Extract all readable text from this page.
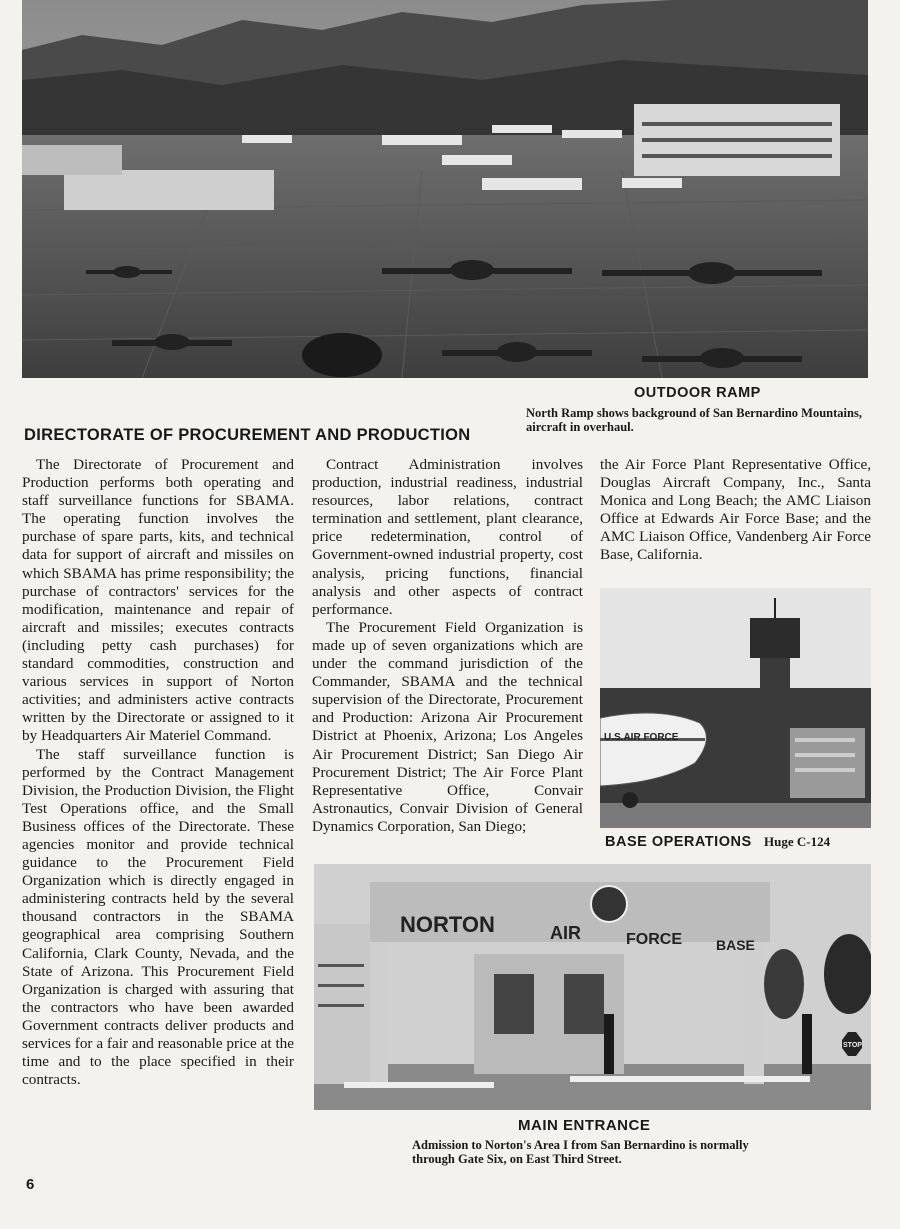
OUTDOOR RAMP
North Ramp shows background of San Bernardino Mountains, aircraft in overhaul.
DIRECTORATE OF PROCUREMENT AND PRODUCTION

The Directorate of Procurement and Production performs both operating and staff surveillance functions for SBAMA. The operating function involves the purchase of spare parts, kits, and technical data for support of aircraft and missiles on which SBAMA has prime responsibility; the purchase of contractors' services for the modification, maintenance and repair of aircraft and missiles; executes contracts (including petty cash purchases) for standard commodities, construction and various services in support of Norton activities; and administers active contracts written by the Directorate or assigned to it by Headquarters Air Materiel Command.

The staff surveillance function is performed by the Contract Management Division, the Production Division, the Flight Test Operations office, and the Small Business offices of the Directorate. These agencies monitor and provide technical guidance to the Procurement Field Organization which is directly engaged in administering contracts held by the several thousand contractors in the SBAMA geographical area comprising Southern California, Clark County, Nevada, and the State of Arizona. This Procurement Field Organization is charged with assuring that the contractors who have been awarded Government contracts deliver products and services for a fair and reasonable price at the time and to the place specified in their contracts.

Contract Administration involves production, industrial readiness, industrial resources, labor relations, contract termination and settlement, plant clearance, price redetermination, control of Government-owned industrial property, cost analysis, pricing functions, financial analysis and other aspects of contract performance.

The Procurement Field Organization is made up of seven organizations which are under the command jurisdiction of the Commander, SBAMA and the technical supervision of the Directorate, Procurement and Production: Arizona Air Procurement District at Phoenix, Arizona; Los Angeles Air Procurement District; San Diego Air Procurement District; The Air Force Plant Representative Office, Convair Astronautics, Convair Division of General Dynamics Corporation, San Diego;

the Air Force Plant Representative Office, Douglas Aircraft Company, Inc., Santa Monica and Long Beach; the AMC Liaison Office at Edwards Air Force Base; and the AMC Liaison Office, Vandenberg Air Force Base, California.

U.S.AIR FORCE
BASE OPERATIONS Huge C-124
NORTON	AIR	FORCE BASE
STOP
MAIN ENTRANCE
Admission to Norton's Area I from San Bernardino is normally through Gate Six, on East Third Street.
6
